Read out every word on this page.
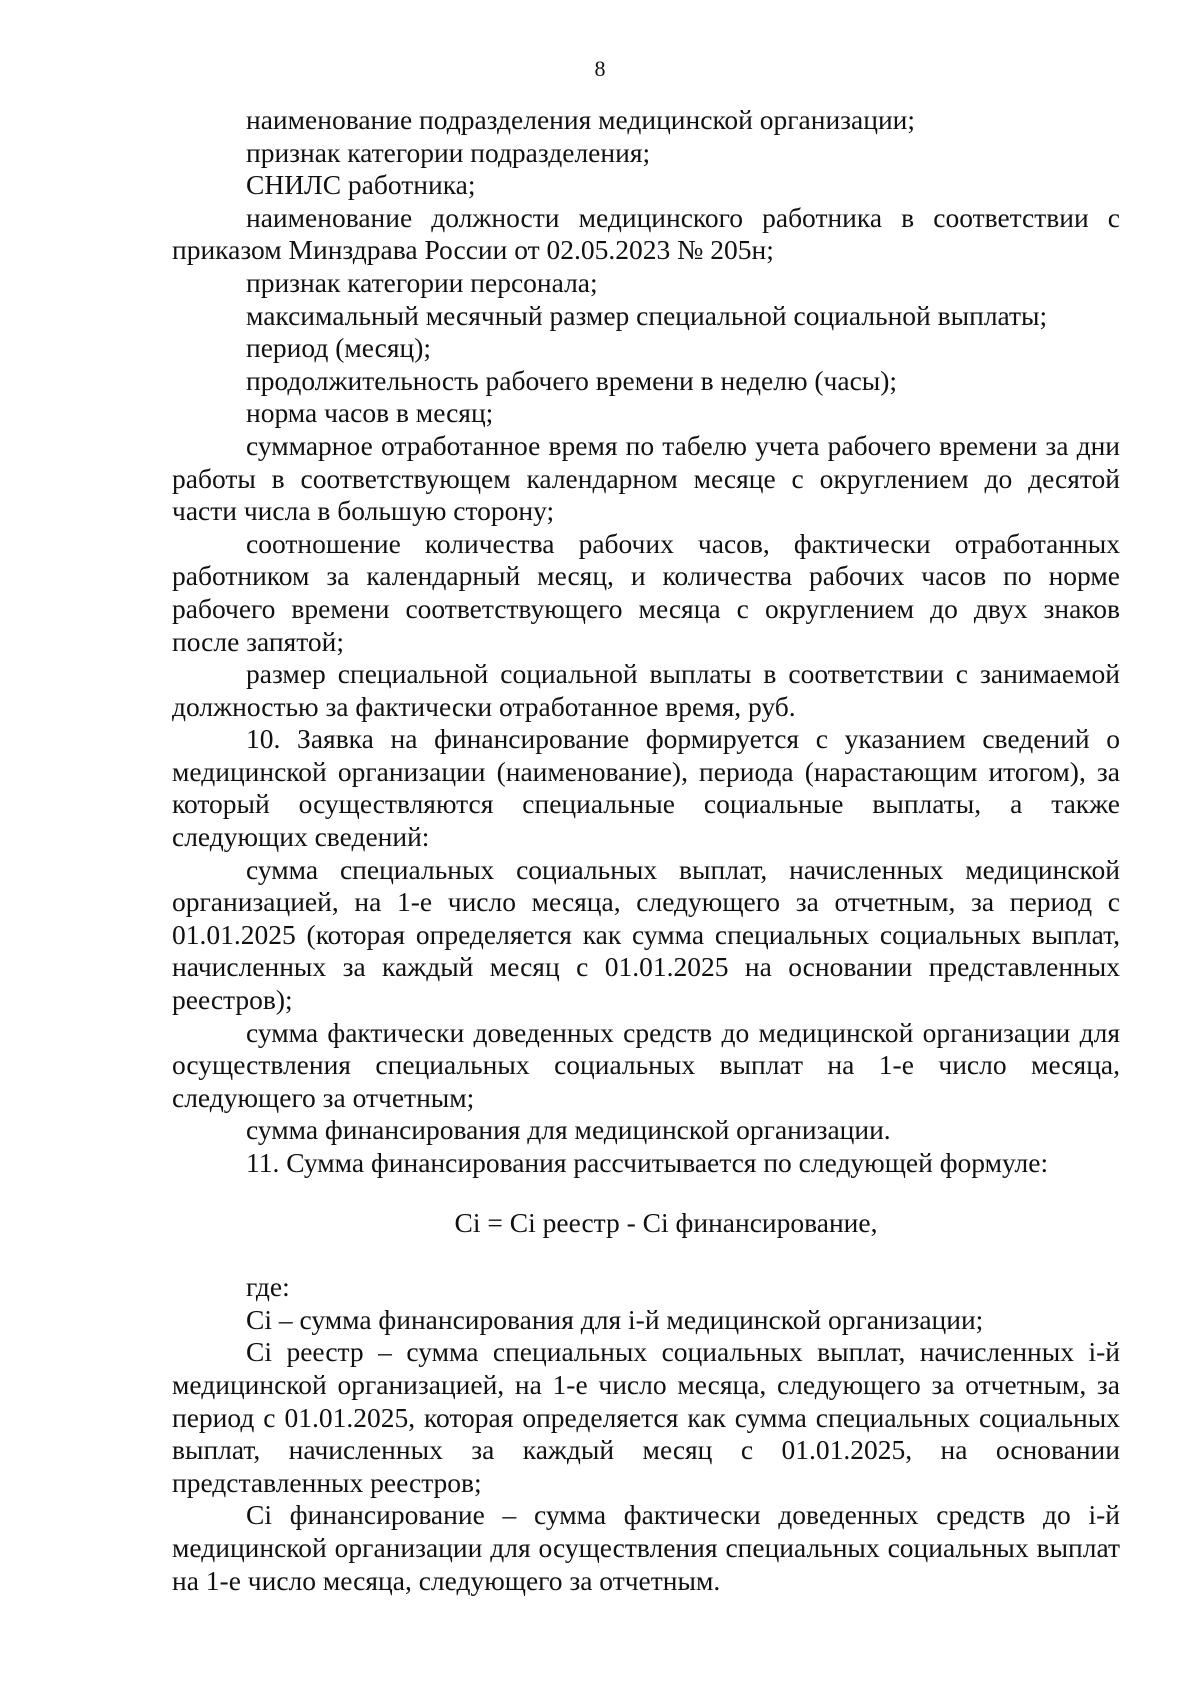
8

наименование подразделения медицинской организации;

признак категории подразделения;

СНИЛС работника;

наименование должности медицинского работника в соответствии с приказом Минздрава России от 02.05.2023 № 205н;

признак категории персонала;

максимальный месячный размер специальной социальной выплаты;

период (месяц);

продолжительность рабочего времени в неделю (часы);

норма часов в месяц;

суммарное отработанное время по табелю учета рабочего времени за дни работы в соответствующем календарном месяце с округлением до десятой части числа в большую сторону;

соотношение количества рабочих часов, фактически отработанных работником за календарный месяц, и количества рабочих часов по норме рабочего времени соответствующего месяца с округлением до двух знаков после запятой;

размер специальной социальной выплаты в соответствии с занимаемой должностью за фактически отработанное время, руб.

10. Заявка на финансирование формируется с указанием сведений о медицинской организации (наименование), периода (нарастающим итогом), за который осуществляются специальные социальные выплаты, а также следующих сведений:

сумма специальных социальных выплат, начисленных медицинской организацией, на 1-е число месяца, следующего за отчетным, за период с 01.01.2025 (которая определяется как сумма специальных социальных выплат, начисленных за каждый месяц с 01.01.2025 на основании представленных реестров);

сумма фактически доведенных средств до медицинской организации для осуществления специальных социальных выплат на 1-е число месяца, следующего за отчетным;

сумма финансирования для медицинской организации.

11. Сумма финансирования рассчитывается по следующей формуле:

Сi = Сi реестр - Сi финансирование,

где:

Сi – сумма финансирования для i-й медицинской организации;

Сi реестр – сумма специальных социальных выплат, начисленных i-й медицинской организацией, на 1-е число месяца, следующего за отчетным, за период с 01.01.2025, которая определяется как сумма специальных социальных выплат, начисленных за каждый месяц с 01.01.2025, на основании представленных реестров;

Сi финансирование – сумма фактически доведенных средств до i-й медицинской организации для осуществления специальных социальных выплат на 1-е число месяца, следующего за отчетным.
